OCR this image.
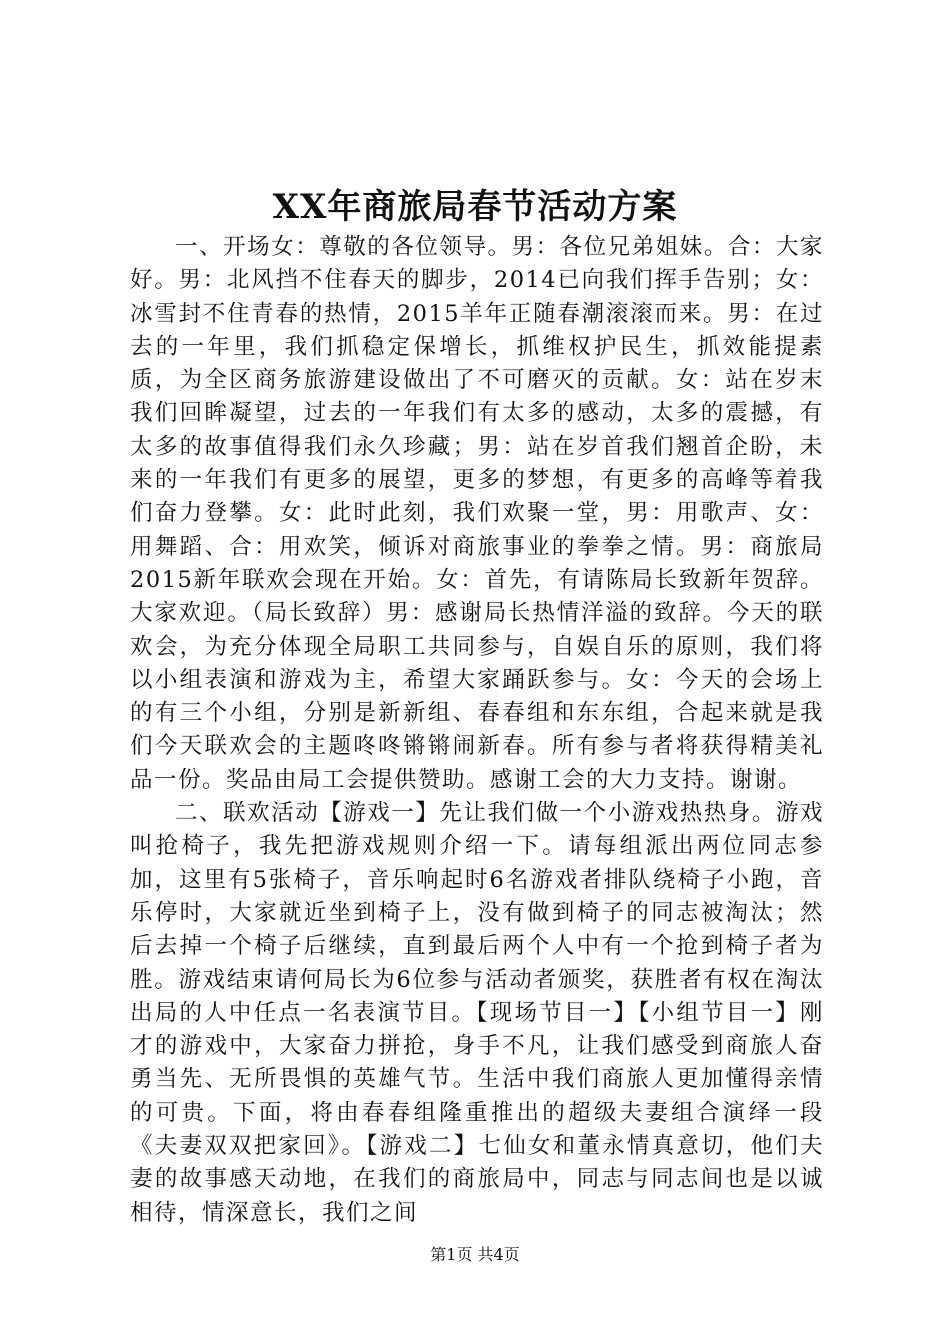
XX年商旅局春节活动方案

一、开场女：尊敬的各位领导。男：各位兄弟姐妹。合：大家好。男：北风挡不住春天的脚步，2014已向我们挥手告别；女：冰雪封不住青春的热情，2015羊年正随春潮滚滚而来。男：在过去的一年里，我们抓稳定保增长，抓维权护民生，抓效能提素质，为全区商务旅游建设做出了不可磨灭的贡献。女：站在岁末我们回眸凝望，过去的一年我们有太多的感动，太多的震撼，有太多的故事值得我们永久珍藏；男：站在岁首我们翘首企盼，未来的一年我们有更多的展望，更多的梦想，有更多的高峰等着我们奋力登攀。女：此时此刻，我们欢聚一堂，男：用歌声、女：用舞蹈、合：用欢笑，倾诉对商旅事业的拳拳之情。男：商旅局2015新年联欢会现在开始。女：首先，有请陈局长致新年贺辞。大家欢迎。（局长致辞）男：感谢局长热情洋溢的致辞。今天的联欢会，为充分体现全局职工共同参与，自娱自乐的原则，我们将以小组表演和游戏为主，希望大家踊跃参与。女：今天的会场上的有三个小组，分别是新新组、春春组和东东组，合起来就是我们今天联欢会的主题咚咚锵锵闹新春。所有参与者将获得精美礼品一份。奖品由局工会提供赞助。感谢工会的大力支持。谢谢。

二、联欢活动【游戏一】先让我们做一个小游戏热热身。游戏叫抢椅子，我先把游戏规则介绍一下。请每组派出两位同志参加，这里有5张椅子，音乐响起时6名游戏者排队绕椅子小跑，音乐停时，大家就近坐到椅子上，没有做到椅子的同志被淘汰；然后去掉一个椅子后继续，直到最后两个人中有一个抢到椅子者为胜。游戏结束请何局长为6位参与活动者颁奖，获胜者有权在淘汰出局的人中任点一名表演节目。【现场节目一】【小组节目一】刚才的游戏中，大家奋力拼抢，身手不凡，让我们感受到商旅人奋勇当先、无所畏惧的英雄气节。生活中我们商旅人更加懂得亲情的可贵。下面，将由春春组隆重推出的超级夫妻组合演绎一段《夫妻双双把家回》。【游戏二】七仙女和董永情真意切，他们夫妻的故事感天动地，在我们的商旅局中，同志与同志间也是以诚相待，情深意长，我们之间

第1页 共4页
